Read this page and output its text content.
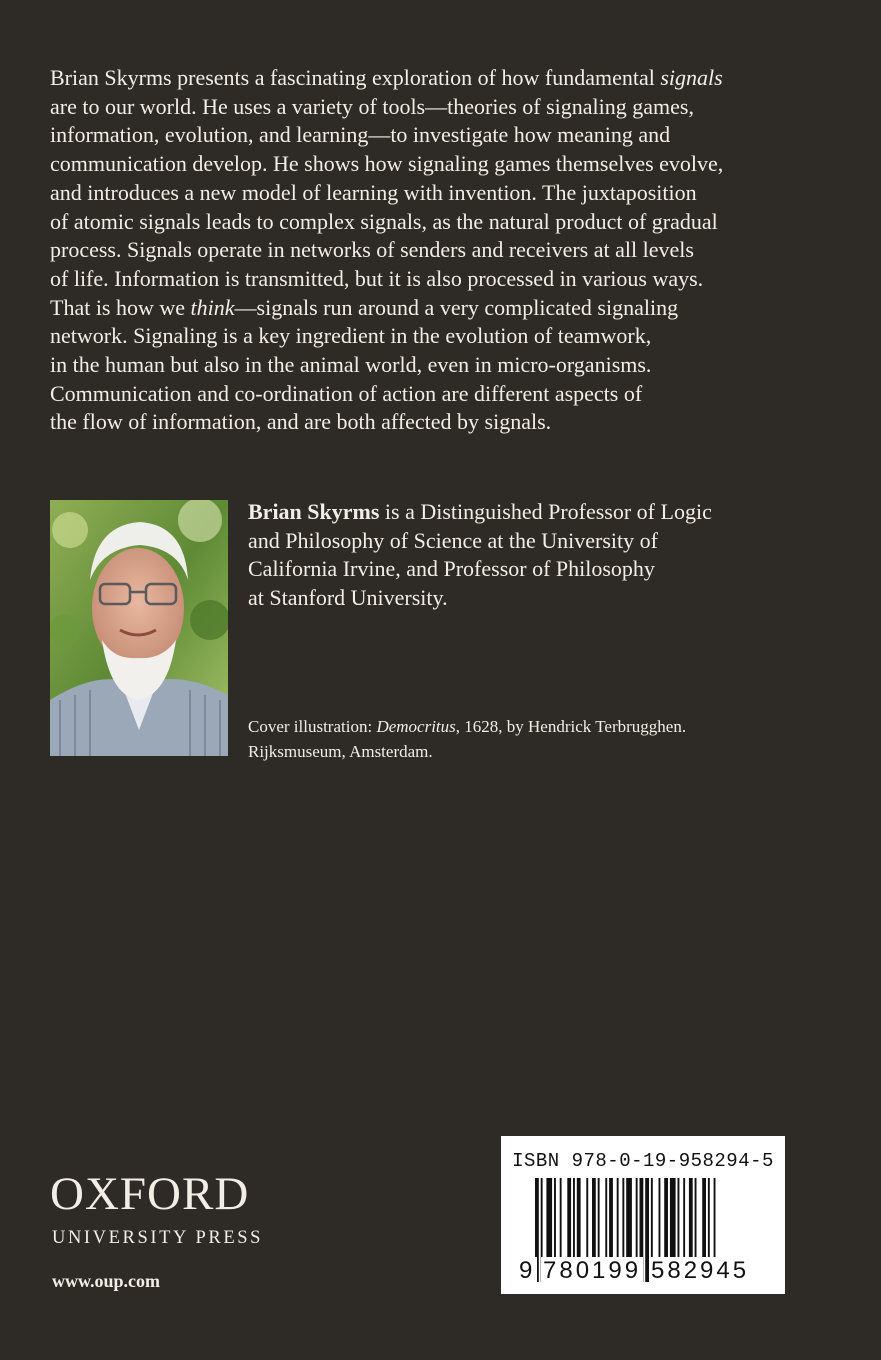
Brian Skyrms presents a fascinating exploration of how fundamental signals
are to our world. He uses a variety of tools—theories of signaling games,
information, evolution, and learning—to investigate how meaning and
communication develop. He shows how signaling games themselves evolve,
and introduces a new model of learning with invention. The juxtaposition
of atomic signals leads to complex signals, as the natural product of gradual
process. Signals operate in networks of senders and receivers at all levels
of life. Information is transmitted, but it is also processed in various ways.
That is how we think—signals run around a very complicated signaling
network. Signaling is a key ingredient in the evolution of teamwork,
in the human but also in the animal world, even in micro-organisms.
Communication and co-ordination of action are different aspects of
the flow of information, and are both affected by signals.
Brian Skyrms is a Distinguished Professor of Logic
and Philosophy of Science at the University of
California Irvine, and Professor of Philosophy
at Stanford University.
Cover illustration: Democritus, 1628, by Hendrick Terbrugghen.
Rijksmuseum, Amsterdam.
OXFORD
UNIVERSITY PRESS
www.oup.com
ISBN 978-0-19-958294-5
9 780199 582945
